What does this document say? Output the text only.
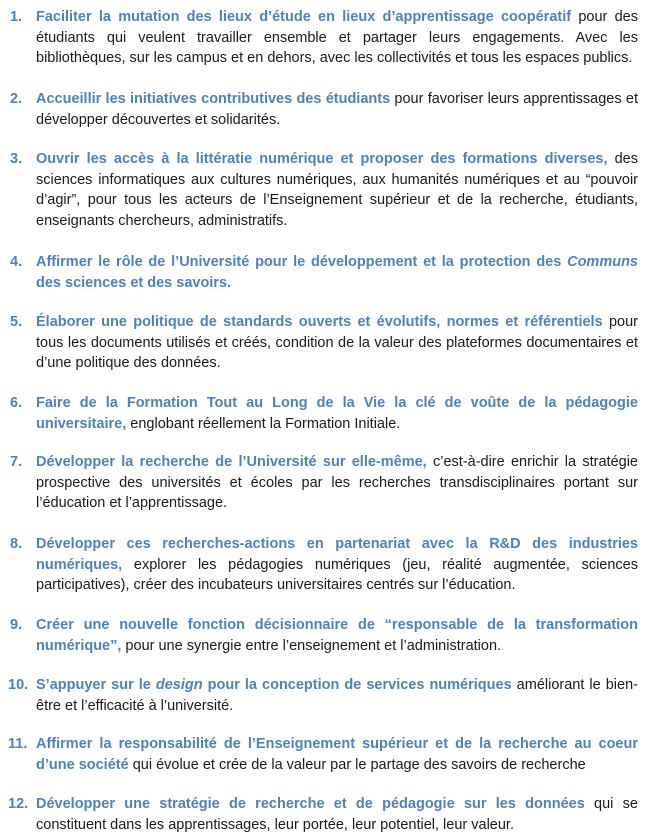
1. Faciliter la mutation des lieux d’étude en lieux d’apprentissage coopératif pour des étudiants qui veulent travailler ensemble et partager leurs engagements. Avec les bibliothèques, sur les campus et en dehors, avec les collectivités et tous les espaces publics.
2. Accueillir les initiatives contributives des étudiants pour favoriser leurs apprentissages et développer découvertes et solidarités.
3. Ouvrir les accès à la littératie numérique et proposer des formations diverses, des sciences informatiques aux cultures numériques, aux humanités numériques et au “pouvoir d’agir”, pour tous les acteurs de l’Enseignement supérieur et de la recherche, étudiants, enseignants chercheurs, administratifs.
4. Affirmer le rôle de l’Université pour le développement et la protection des Communs des sciences et des savoirs.
5. Élaborer une politique de standards ouverts et évolutifs, normes et référentiels pour tous les documents utilisés et créés, condition de la valeur des plateformes documentaires et d’une politique des données.
6. Faire de la Formation Tout au Long de la Vie la clé de voûte de la pédagogie universitaire, englobant réellement la Formation Initiale.
7. Développer la recherche de l’Université sur elle-même, c’est-à-dire enrichir la stratégie prospective des universités et écoles par les recherches transdisciplinaires portant sur l’éducation et l’apprentissage.
8. Développer ces recherches-actions en partenariat avec la R&D des industries numériques, explorer les pédagogies numériques (jeu, réalité augmentée, sciences participatives), créer des incubateurs universitaires centrés sur l’éducation.
9. Créer une nouvelle fonction décisionnaire de “responsable de la transformation numérique”, pour une synergie entre l’enseignement et l’administration.
10. S’appuyer sur le design pour la conception de services numériques améliorant le bien-être et l’efficacité à l’université.
11. Affirmer la responsabilité de l’Enseignement supérieur et de la recherche au coeur d’une société qui évolue et crée de la valeur par le partage des savoirs de recherche
12. Développer une stratégie de recherche et de pédagogie sur les données qui se constituent dans les apprentissages, leur portée, leur potentiel, leur valeur.
